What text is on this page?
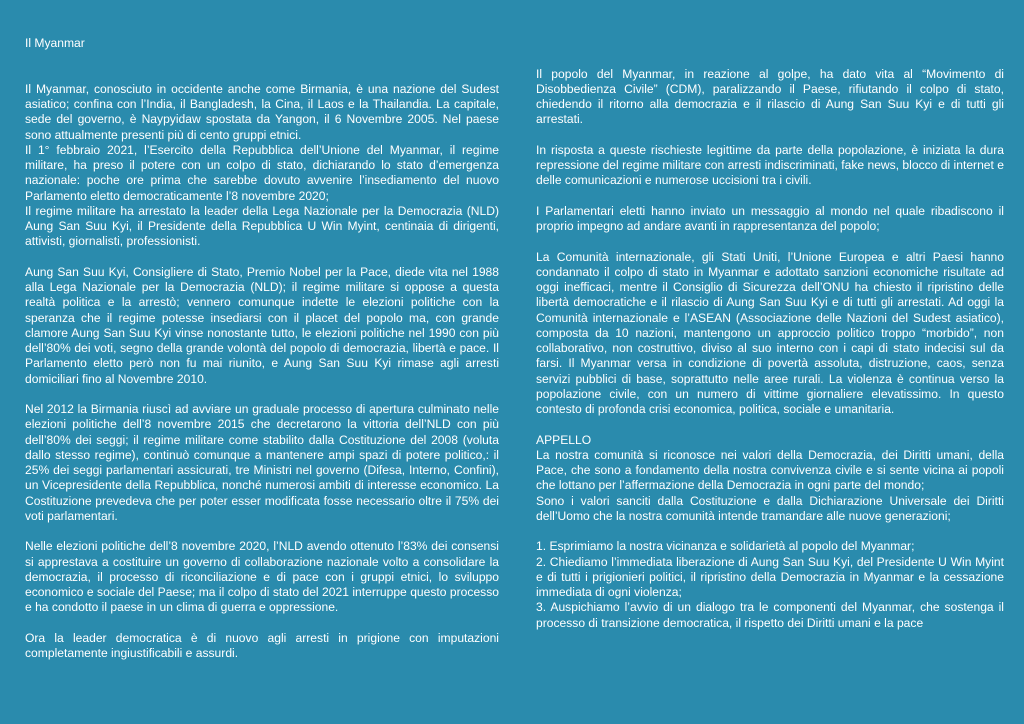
Il Myanmar

Il Myanmar, conosciuto in occidente anche come Birmania, è una nazione del Sudest asiatico; confina con l’India, il Bangladesh, la Cina, il Laos e la Thailandia. La capitale, sede del governo, è Naypyidaw spostata da Yangon, il 6 Novembre 2005. Nel paese sono attualmente presenti più di cento gruppi etnici.

Il 1° febbraio 2021, l’Esercito della Repubblica dell’Unione del Myanmar, il regime militare, ha preso il potere con un colpo di stato, dichiarando lo stato d’emergenza nazionale: poche ore prima che sarebbe dovuto avvenire l’insediamento del nuovo Parlamento eletto democraticamente l’8 novembre 2020;

Il regime militare ha arrestato la leader della Lega Nazionale per la Democrazia (NLD) Aung San Suu Kyi, il Presidente della Repubblica U Win Myint, centinaia di dirigenti, attivisti, giornalisti, professionisti.

Aung San Suu Kyi, Consigliere di Stato, Premio Nobel per la Pace, diede vita nel 1988 alla Lega Nazionale per la Democrazia (NLD); il regime militare si oppose a questa realtà politica e la arrestò; vennero comunque indette le elezioni politiche con la speranza che il regime potesse insediarsi con il placet del popolo ma, con grande clamore Aung San Suu Kyi vinse nonostante tutto, le elezioni politiche nel 1990 con più dell’80% dei voti, segno della grande volontà del popolo di democrazia, libertà e pace. Il Parlamento eletto però non fu mai riunito, e Aung San Suu Kyi rimase agli arresti domiciliari fino al Novembre 2010.

Nel 2012 la Birmania riuscì ad avviare un graduale processo di apertura culminato nelle elezioni politiche dell’8 novembre 2015 che decretarono la vittoria dell’NLD con più dell’80% dei seggi; il regime militare come stabilito dalla Costituzione del 2008 (voluta dallo stesso regime), continuò comunque a mantenere ampi spazi di potere politico,: il 25% dei seggi parlamentari assicurati, tre Ministri nel governo (Difesa, Interno, Confini), un Vicepresidente della Repubblica, nonché numerosi ambiti di interesse economico. La Costituzione prevedeva che per poter esser modificata fosse necessario oltre il 75% dei voti parlamentari.

Nelle elezioni politiche dell’8 novembre 2020, l’NLD avendo ottenuto l’83% dei consensi si apprestava a costituire un governo di collaborazione nazionale volto a consolidare la democrazia, il processo di riconciliazione e di pace con i gruppi etnici, lo sviluppo economico e sociale del Paese; ma il colpo di stato del 2021 interruppe questo processo e ha condotto il paese in un clima di guerra e oppressione.

Ora la leader democratica è di nuovo agli arresti in prigione con imputazioni completamente ingiustificabili e assurdi.

Il popolo del Myanmar, in reazione al golpe, ha dato vita al “Movimento di Disobbedienza Civile” (CDM), paralizzando il Paese, rifiutando il colpo di stato, chiedendo il ritorno alla democrazia e il rilascio di Aung San Suu Kyi e di tutti gli arrestati.

In risposta a queste rischieste legittime da parte della popolazione, è iniziata la dura repressione del regime militare con arresti indiscriminati, fake news, blocco di internet e delle comunicazioni e numerose uccisioni tra i civili.

I Parlamentari eletti hanno inviato un messaggio al mondo nel quale ribadiscono il proprio impegno ad andare avanti in rappresentanza del popolo;

La Comunità internazionale, gli Stati Uniti, l’Unione Europea e altri Paesi hanno condannato il colpo di stato in Myanmar e adottato sanzioni economiche risultate ad oggi inefficaci, mentre il Consiglio di Sicurezza dell’ONU ha chiesto il ripristino delle libertà democratiche e il rilascio di Aung San Suu Kyi e di tutti gli arrestati. Ad oggi la Comunità internazionale e l’ASEAN (Associazione delle Nazioni del Sudest asiatico), composta da 10 nazioni, mantengono un approccio politico troppo “morbido”, non collaborativo, non costruttivo, diviso al suo interno con i capi di stato indecisi sul da farsi. Il Myanmar versa in condizione di povertà assoluta, distruzione, caos, senza servizi pubblici di base, soprattutto nelle aree rurali. La violenza è continua verso la popolazione civile, con un numero di vittime giornaliere elevatissimo. In questo contesto di profonda crisi economica, politica, sociale e umanitaria.

APPELLO

La nostra comunità si riconosce nei valori della Democrazia, dei Diritti umani, della Pace, che sono a fondamento della nostra convivenza civile e si sente vicina ai popoli che lottano per l’affermazione della Democrazia in ogni parte del mondo;

Sono i valori sanciti dalla Costituzione e dalla Dichiarazione Universale dei Diritti dell’Uomo che la nostra comunità intende tramandare alle nuove generazioni;

1. Esprimiamo la nostra vicinanza e solidarietà al popolo del Myanmar;
2. Chiediamo l’immediata liberazione di Aung San Suu Kyi, del Presidente U Win Myint e di tutti i prigionieri politici, il ripristino della Democrazia in Myanmar e la cessazione immediata di ogni violenza;
3. Auspichiamo l’avvio di un dialogo tra le componenti del Myanmar, che sostenga il processo di transizione democratica, il rispetto dei Diritti umani e la pace
